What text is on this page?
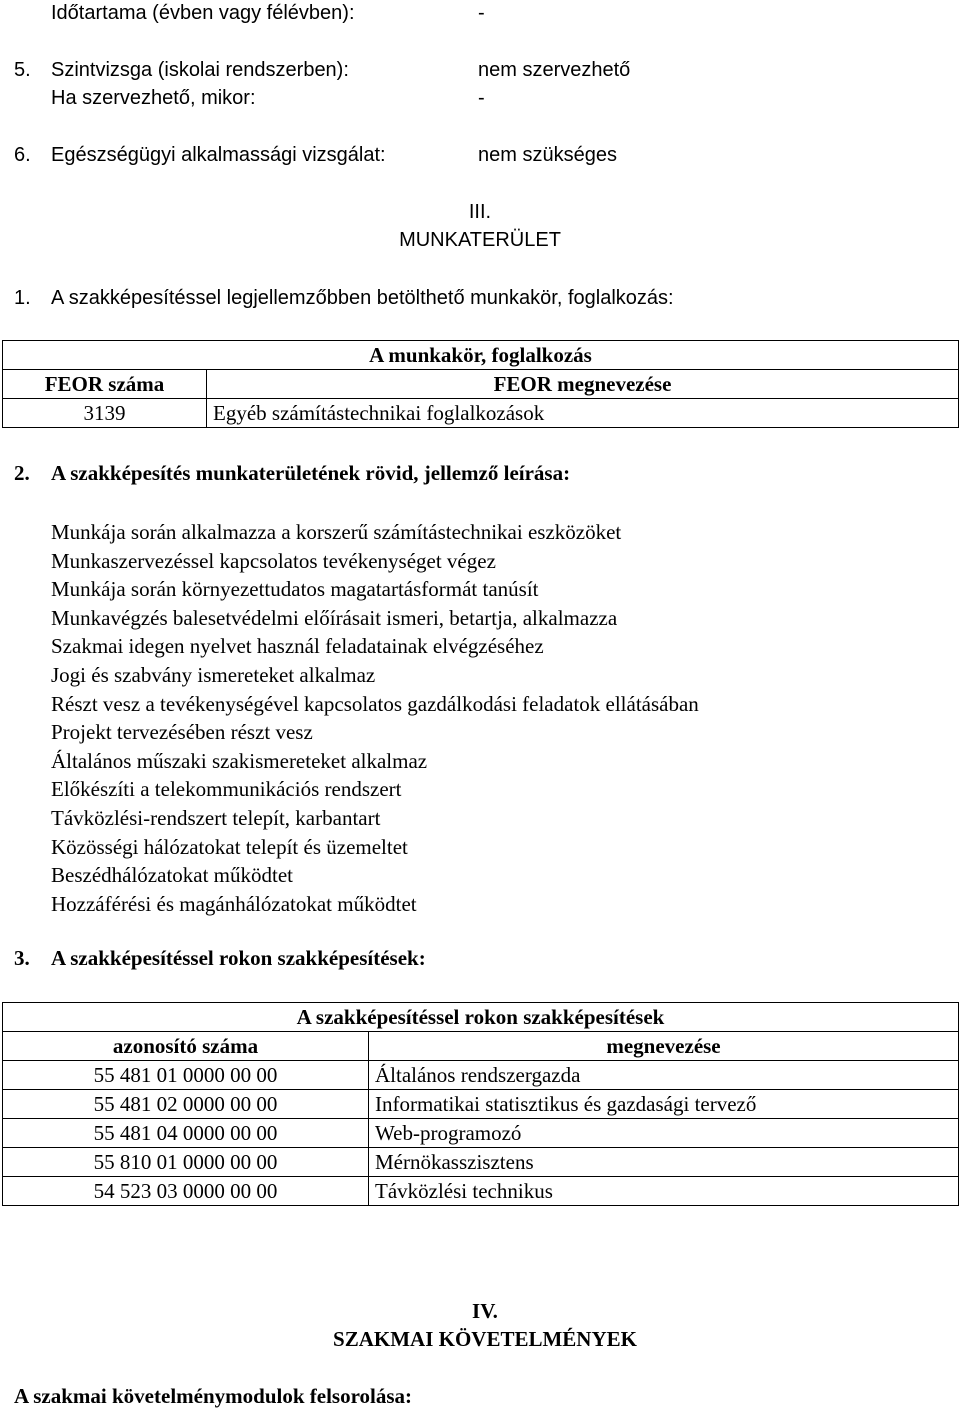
Időtartama (évben vagy félévben):	-
5. Szintvizsga (iskolai rendszerben):	nem szervezhető
Ha szervezhető, mikor:	-
6. Egészségügyi alkalmassági vizsgálat:	nem szükséges
III.
MUNKATERÜLET
1. A szakképesítéssel legjellemzőbben betölthető munkakör, foglalkozás:
A munkakör, foglalkozás	
FEOR száma	FEOR megnevezése
3139	Egyéb számítástechnikai foglalkozások
2. A szakképesítés munkaterületének rövid, jellemző leírása:
Munkája során alkalmazza a korszerű számítástechnikai eszközöket
Munkaszervezéssel kapcsolatos tevékenységet végez
Munkája során környezettudatos magatartásformát tanúsít
Munkavégzés balesetvédelmi előírásait ismeri, betartja, alkalmazza
Szakmai idegen nyelvet használ feladatainak elvégzéséhez
Jogi és szabvány ismereteket alkalmaz
Részt vesz a tevékenységével kapcsolatos gazdálkodási feladatok ellátásában
Projekt tervezésében részt vesz
Általános műszaki szakismereteket alkalmaz
Előkészíti a telekommunikációs rendszert
Távközlési-rendszert telepít, karbantart
Közösségi hálózatokat telepít és üzemeltet
Beszédhálózatokat működtet
Hozzáférési és magánhálózatokat működtet
3. A szakképesítéssel rokon szakképesítések:
A szakképesítéssel rokon szakképesítések	
azonosító száma	megnevezése
55 481 01 0000 00 00	Általános rendszergazda
55 481 02 0000 00 00	Informatikai statisztikus és gazdasági tervező
55 481 04 0000 00 00	Web-programozó
55 810 01 0000 00 00	Mérnökasszisztens
54 523 03 0000 00 00	Távközlési technikus
IV.
SZAKMAI KÖVETELMÉNYEK
A szakmai követelménymodulok felsorolása:
